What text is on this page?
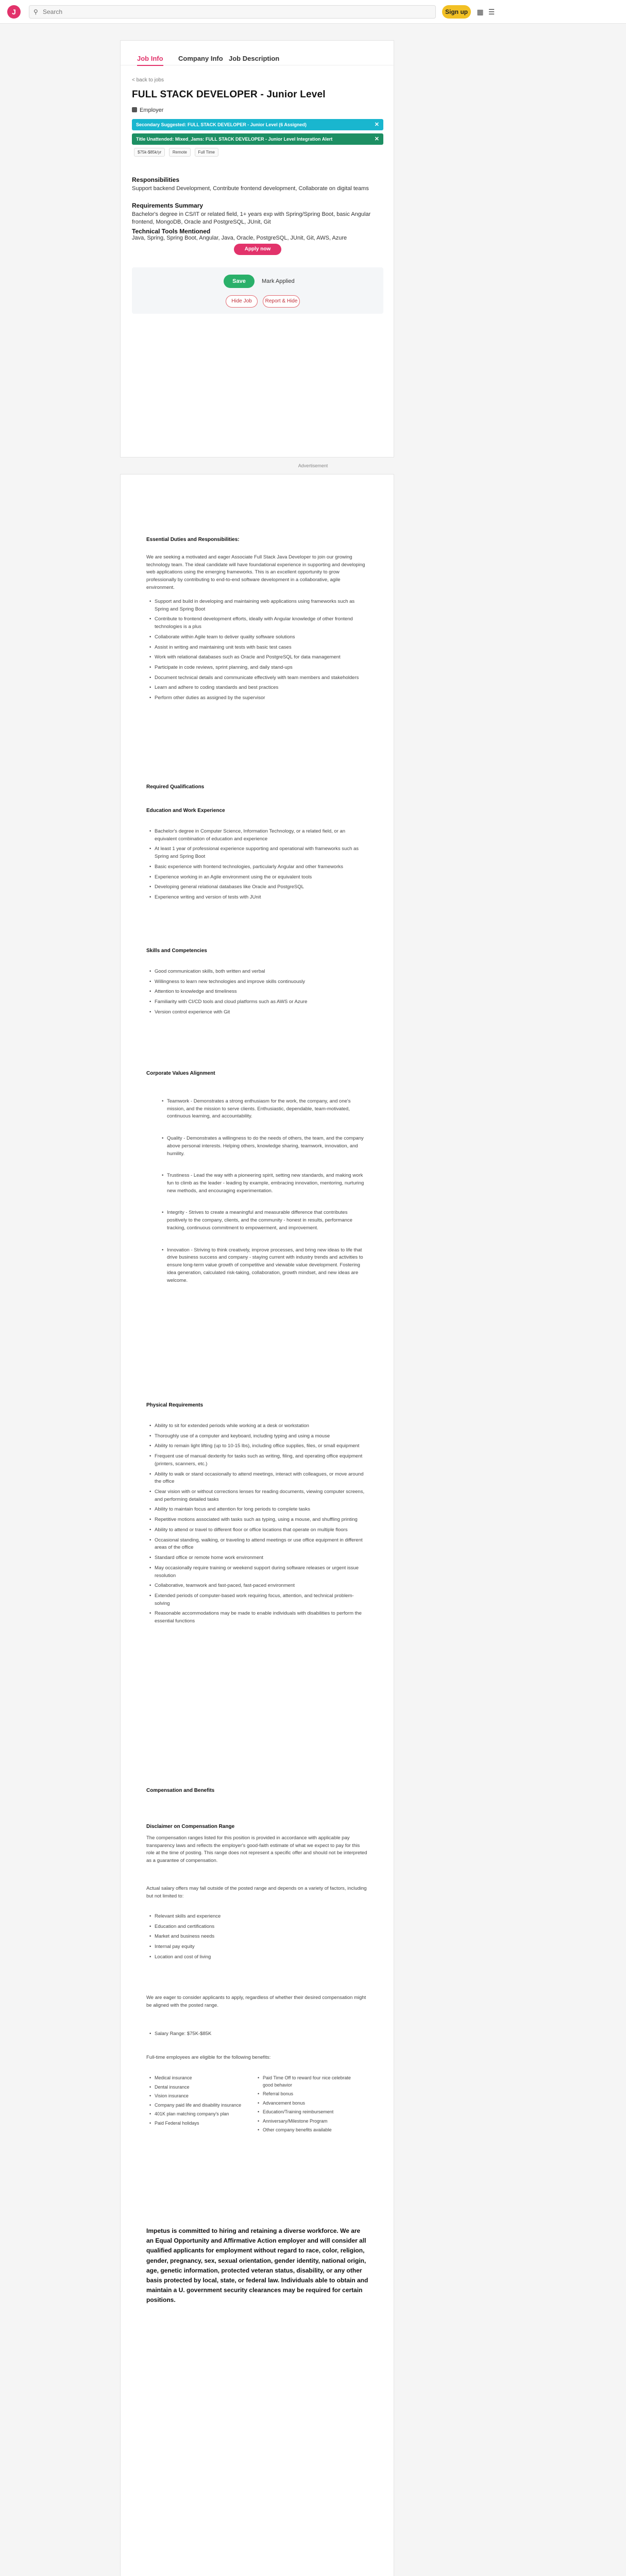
J	⚲
Search	Sign up	▦ ☰
Job Info Company Info Job Description
< back to jobs
FULL STACK DEVELOPER - Junior Level
Employer
Secondary Suggested: FULL STACK DEVELOPER - Junior Level (6 Assigned)	✕
Title Unattended: Mixed_Jams: FULL STACK DEVELOPER - Junior Level Integration Alert	✕
$75k-$85k/yr	Remote	Full Time
Responsibilities
Support backend Development, Contribute frontend development, Collaborate on digital teams
Requirements Summary
Bachelor's degree in CS/IT or related field, 1+ years exp with Spring/Spring Boot, basic Angular frontend, MongoDB, Oracle and PostgreSQL, JUnit, Git
Technical Tools Mentioned
Java, Spring, Spring Boot, Angular, Java, Oracle, PostgreSQL, JUnit, Git, AWS, Azure
Apply now
Save	Mark Applied
Hide Job	Report & Hide
Advertisement
Essential Duties and Responsibilities:
We are seeking a motivated and eager Associate Full Stack Java Developer to join our growing technology team. The ideal candidate will have foundational experience in supporting and developing web applications using the emerging frameworks. This is an excellent opportunity to grow professionally by contributing to end-to-end software development in a collaborative, agile environment.
• Support and build in developing and maintaining web applications using frameworks such as Spring and Spring Boot
• Contribute to frontend development efforts, ideally with Angular knowledge of other frontend technologies is a plus
• Collaborate within Agile team to deliver quality software solutions
• Assist in writing and maintaining unit tests with basic test cases
• Work with relational databases such as Oracle and PostgreSQL for data management
• Participate in code reviews, sprint planning, and daily stand-ups
• Document technical details and communicate effectively with team members and stakeholders
• Learn and adhere to coding standards and best practices
• Perform other duties as assigned by the supervisor
Required Qualifications
Education and Work Experience
• Bachelor's degree in Computer Science, Information Technology, or a related field, or an equivalent combination of education and experience
• At least 1 year of professional experience supporting and operational with frameworks such as Spring and Spring Boot
• Basic experience with frontend technologies, particularly Angular and other frameworks
• Experience working in an Agile environment using the or equivalent tools
• Developing general relational databases like Oracle and PostgreSQL
• Experience writing and version of tests with JUnit
Skills and Competencies
• Good communication skills, both written and verbal
• Willingness to learn new technologies and improve skills continuously
• Attention to knowledge and timeliness
• Familiarity with CI/CD tools and cloud platforms such as AWS or Azure
• Version control experience with Git
Corporate Values Alignment
• Teamwork - Demonstrates a strong enthusiasm for the work, the company, and one's mission, and the mission to serve clients. Enthusiastic, dependable, team-motivated, continuous learning, and accountability.
• Quality - Demonstrates a willingness to do the needs of others, the team, and the company above personal interests. Helping others, knowledge sharing, teamwork, innovation, and humility.
• Trustiness - Lead the way with a pioneering spirit, setting new standards, and making work fun to climb as the leader - leading by example, embracing innovation, mentoring, nurturing new methods, and encouraging experimentation.
• Integrity - Strives to create a meaningful and measurable difference that contributes positively to the company, clients, and the community - honest in results, performance tracking, continuous commitment to empowerment, and improvement.
• Innovation - Striving to think creatively, improve processes, and bring new ideas to life that drive business success and company - staying current with industry trends and activities to ensure long-term value growth of competitive and viewable value development. Fostering idea generation, calculated risk-taking, collaboration, growth mindset, and new ideas are welcome.
Physical Requirements
• Ability to sit for extended periods while working at a desk or workstation
• Thoroughly use of a computer and keyboard, including typing and using a mouse
• Ability to remain light lifting (up to 10-15 lbs), including office supplies, files, or small equipment
• Frequent use of manual dexterity for tasks such as writing, filing, and operating office equipment (printers, scanners, etc.)
• Ability to walk or stand occasionally to attend meetings, interact with colleagues, or move around the office
• Clear vision with or without corrections lenses for reading documents, viewing computer screens, and performing detailed tasks
• Ability to maintain focus and attention for long periods to complete tasks
• Repetitive motions associated with tasks such as typing, using a mouse, and shuffling printing
• Ability to attend or travel to different floor or office locations that operate on multiple floors
• Occasional standing, walking, or traveling to attend meetings or use office equipment in different areas of the office
• Standard office or remote home work environment
• May occasionally require training or weekend support during software releases or urgent issue resolution
• Collaborative, teamwork and fast-paced, fast-paced environment
• Extended periods of computer-based work requiring focus, attention, and technical problem-solving
• Reasonable accommodations may be made to enable individuals with disabilities to perform the essential functions
Compensation and Benefits
Disclaimer on Compensation Range
The compensation ranges listed for this position is provided in accordance with applicable pay transparency laws and reflects the employer's good-faith estimate of what we expect to pay for this role at the time of posting. This range does not represent a specific offer and should not be interpreted as a guarantee of compensation.
Actual salary offers may fall outside of the posted range and depends on a variety of factors, including but not limited to:
• Relevant skills and experience
• Education and certifications
• Market and business needs
• Internal pay equity
• Location and cost of living
We are eager to consider applicants to apply, regardless of whether their desired compensation might be aligned with the posted range.
• Salary Range: $75K-$85K
Full-time employees are eligible for the following benefits:
• Medical insurance
• Dental insurance
• Vision insurance
• Company paid life and disability insurance
• 401K plan matching company's plan
• Paid Federal holidays
• Paid Time Off to reward four nice celebrate good behavior
• Referral bonus
• Advancement bonus
• Education/Training reimbursement
• Anniversary/Milestone Program
• Other company benefits available
Impetus is committed to hiring and retaining a diverse workforce. We are an Equal Opportunity and Affirmative Action employer and will consider all qualified applicants for employment without regard to race, color, religion, gender, pregnancy, sex, sexual orientation, gender identity, national origin, age, genetic information, protected veteran status, disability, or any other basis protected by local, state, or federal law. Individuals able to obtain and maintain a U. government security clearances may be required for certain positions.
